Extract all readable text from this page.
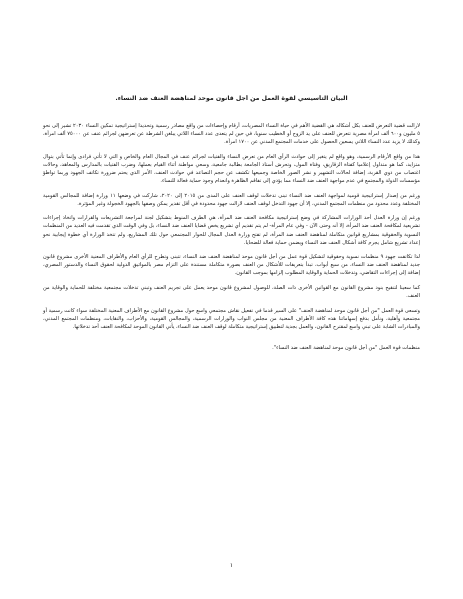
البيان التأسيسي لقوة العمل من أجل قانون موحد لمناهضة العنف ضد النساء.

لازالت قضية التعرض للعنف بكل أشكاله هي القضية الأهم في حياة النساء المصريات، أرقام وإحصاءات من واقع مصادر رسمية وتحديدا إستراتيجية تمكين النساء ٢٠٣٠ تشير إلى نحو ٥ مليون و٦٠٠ ألف امرأة مصرية تتعرض للعنف على يد الزوج أو الخطيب سنويا، في حين لم يتعدى عدد النساء اللاتي يبلغن الشرطة عن تعرضهن لجرائم عنف عن ٧٥٠٠٠ ألف امرأة، وكذلك لا يزيد عدد النساء اللاتي يسعين الحصول على خدمات المجتمع المدني عن ١٧٠٠ امرأة.

هذا من واقع الأرقام الرسمية، وهو واقع لم يتغير إلى حوادث الرأي العام من تعرض النساء والفتيات لجرائم عنف في المجال العام والخاص و التي لا تأتي فرادى وإنما تأتي بتوال متزايد، كما هو متداول إعلاميا كفتاة الزقازيق، وفتاة المول، وتحرش أستاذ الجامعة بطالبة جامعية، وسعي مواطنة أثناء القيام بعملها، وضرب الفتيات بالمدارس والمعاهد، وحالات اغتصاب من ذوي القربة، إضافة لحالات التشهير و نشر الصور الخاصة وجميعها تكشف عن حجم التصاعد في حوادث العنف، الأمر الذي يحتم ضرورة تكاتف الجهود وربما تواطؤ مؤسسات الدولة والمجتمع في عدم مواجهة العنف ضد النساء مما يؤدي إلى تفاقم الظاهرة وانعدام وجود حماية فعالة للنساء.

ورغم من إصدار إستراتيجية قومية لمواجهة العنف ضد النساء تبنى تدخلات لوقف العنف على المدى من ٢٠١٥ إلى ٢٠٢٠، شاركت في وضعها ١١ وزارة إضافة للمجالس القومية المختلفة وعدد محدود من منظمات المجتمع المدني، إلا أن جهود التدخل لوقف العنف لازالت جهود محدودة في أقل تقدير يمكن وصفها بالجهود الخجولة وغير المؤثرة.

ورغم إن وزارة العدل أحد الوزارات المشاركة في وضع إستراتيجية مكافحة العنف ضد المرأة، هي الطرف المنوط بتشكيل لجنة لمراجعة التشريعات والقرارات واتخاذ إجراءات تشريعية لمكافحة العنف ضد المرأة، إلا أنه وحتى الآن - وفي عام المرأة- لم يتم تقديم أي تشريع يخص قضايا العنف ضد النساء، بل وفي الوقت الذي تقدمت فيه العديد من المنظمات النسوية والحقوقية بمشاريع قوانين متكاملة لمناهضة العنف ضد المرأة، لم تفتح وزارة العدل المجال للحوار المجتمعي حول تلك المشاريع، ولم تتخذ الوزارة أي خطوة إيجابية نحو إعداد تشريع شامل يجرم كافة أشكال العنف ضد النساء ويضمن حماية فعالة للضحايا.

لذا تكاتفت جهود ٩ منظمات نسوية وحقوقية لتشكيل قوة عمل من أجل قانون موحد لمناهضة العنف ضد النساء، تتبنى وتطرح للرأي العام والأطراف المعنية الأخرى مشروع قانون جديد لمناهضة العنف ضد النساء، من سبع أبواب، تبدأ بتعريفات للأشكال من العنف بصورة متكاملة مستندة على التزام مصر بالمواثيق الدولية لحقوق النساء والدستور المصري، إضافة إلى إجراءات التقاضي، وتدخلات الحماية والوقاية المطلوب إلزامها بموجب القانون.

كما سعينا لتنقيح بنود مشروع القانون مع القوانين الأخرى ذات الصلة، للوصول لمشروع قانون موحد يعمل على تجريم العنف وتبني تدخلات مجتمعية مختلفة للحماية والوقاية من العنف.

وتسعى قوة العمل "من أجل قانون موحد لمناهضة العنف" على السير قدما في تفعيل نقاش مجتمعي واسع حول مشروع القانون مع الأطراف المعنية المختلفة سواء كانت رسمية أو مجتمعية وأهلية، ونأمل بدفع إسهاماتنا هذه كافة الأطراف المعنية من مجلس النواب والوزارات الرسمية، والمجالس القومية، والأحزاب، والنقابات، ومنظمات المجتمع المدني، والمبادرات الشابة على تبني واسع لمقترح القانون، والعمل بجدية لتطبيق إستراتيجية متكاملة لوقف العنف ضد النساء، يأتي القانون الموحد لمكافحة العنف أحد تدخلاتها.

منظمات قوة العمل "من أجل قانون موحد لمناهضة العنف ضد النساء".

١
